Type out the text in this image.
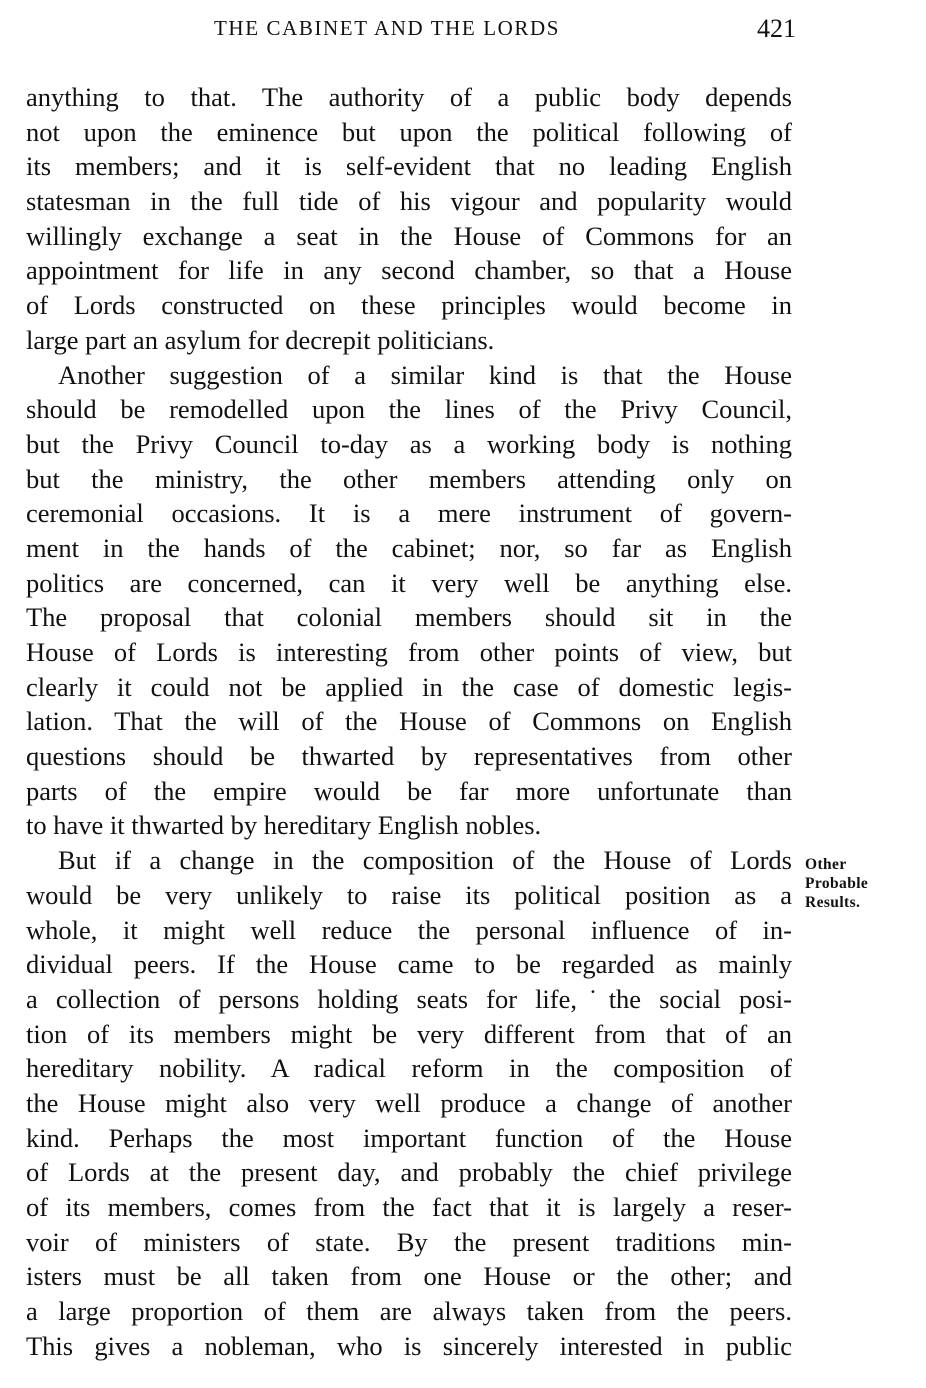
THE CABINET AND THE LORDS	421
anything to that. The authority of a public body depends
not upon the eminence but upon the political following of
its members; and it is self-evident that no leading English
statesman in the full tide of his vigour and popularity would
willingly exchange a seat in the House of Commons for an
appointment for life in any second chamber, so that a House
of Lords constructed on these principles would become in
large part an asylum for decrepit politicians.
Another suggestion of a similar kind is that the House
should be remodelled upon the lines of the Privy Council,
but the Privy Council to-day as a working body is nothing
but the ministry, the other members attending only on
ceremonial occasions. It is a mere instrument of govern-
ment in the hands of the cabinet; nor, so far as English
politics are concerned, can it very well be anything else.
The proposal that colonial members should sit in the
House of Lords is interesting from other points of view, but
clearly it could not be applied in the case of domestic legis-
lation. That the will of the House of Commons on English
questions should be thwarted by representatives from other
parts of the empire would be far more unfortunate than
to have it thwarted by hereditary English nobles.
But if a change in the composition of the House of Lords
would be very unlikely to raise its political position as a
whole, it might well reduce the personal influence of in-
dividual peers. If the House came to be regarded as mainly
a collection of persons holding seats for life,˙the social posi-
tion of its members might be very different from that of an
hereditary nobility. A radical reform in the composition of
the House might also very well produce a change of another
kind. Perhaps the most important function of the House
of Lords at the present day, and probably the chief privilege
of its members, comes from the fact that it is largely a reser-
voir of ministers of state. By the present traditions min-
isters must be all taken from one House or the other; and
a large proportion of them are always taken from the peers.
This gives a nobleman, who is sincerely interested in public
Other
Probable
Results.
